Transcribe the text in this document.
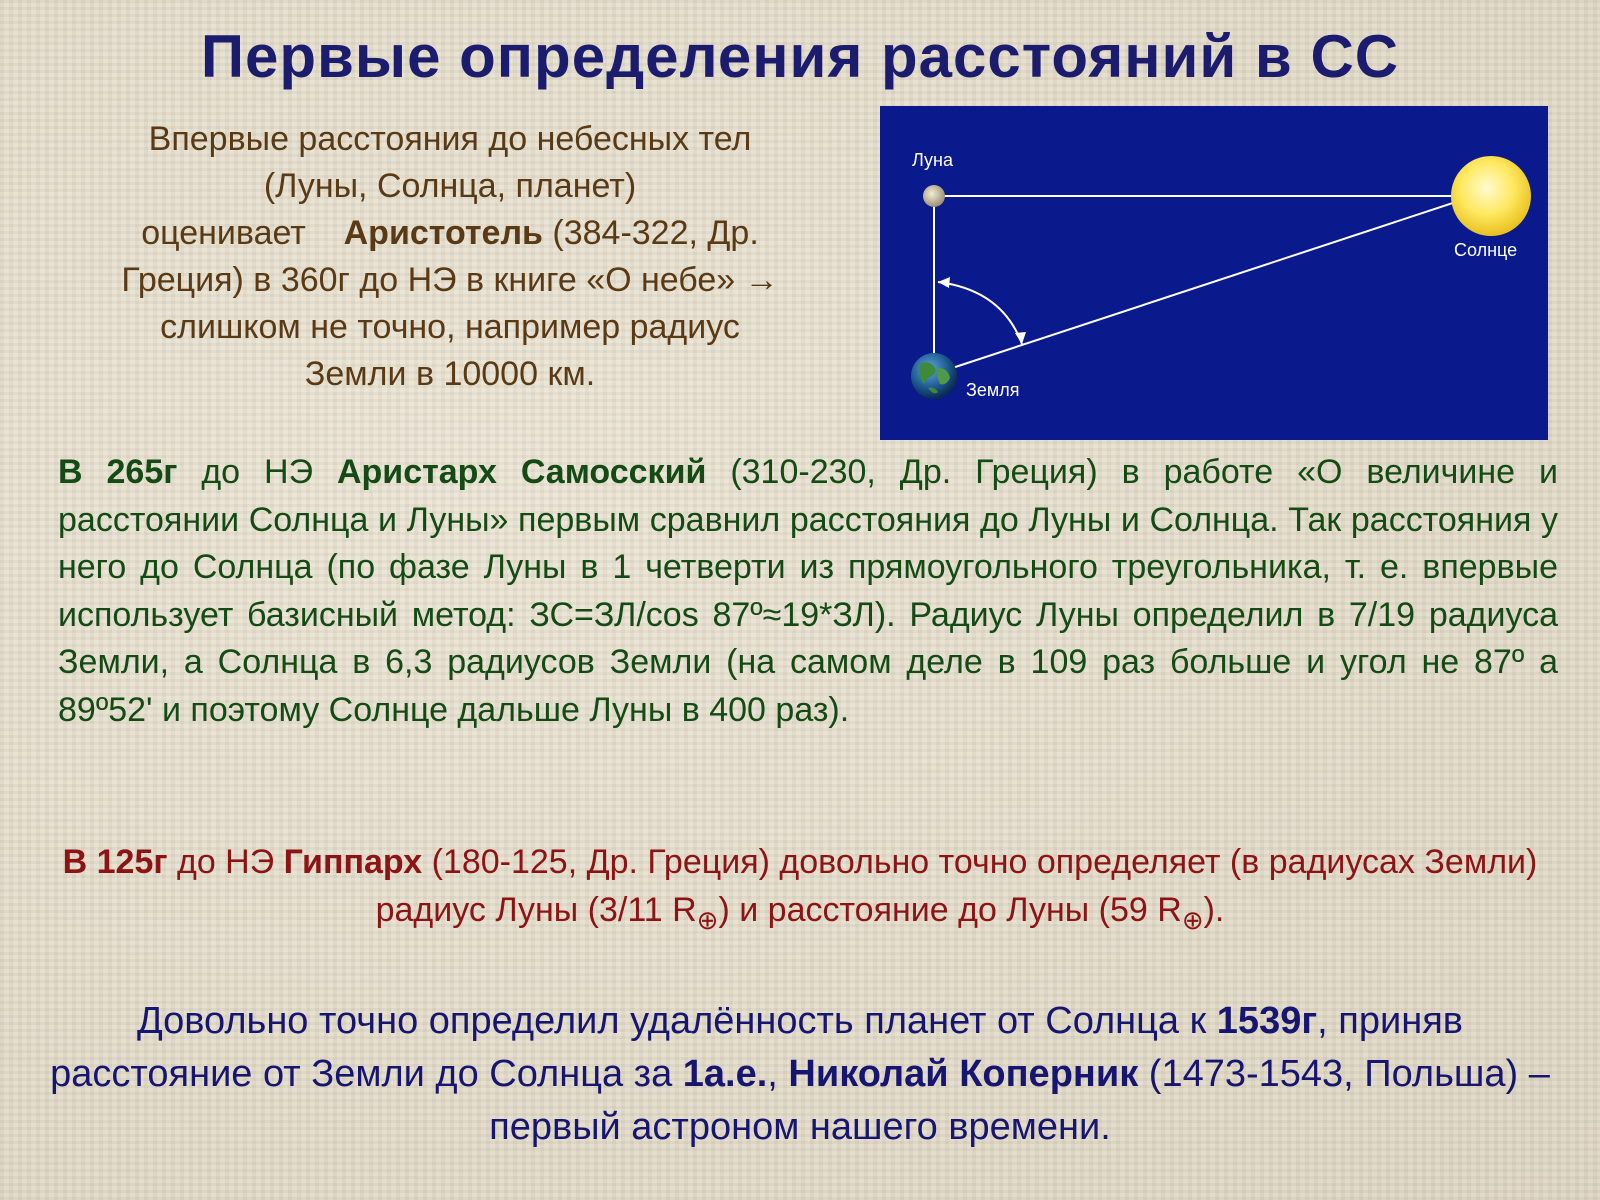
Первые определения расстояний в СС
Впервые расстояния до небесных тел
(Луны, Солнца, планет)
оценивает Аристотель (384-322, Др.
Греция) в 360г до НЭ в книге «О небе» →
слишком не точно, например радиус
Земли в 10000 км.
Луна
Солнце
Земля
В 265г до НЭ Аристарх Самосский (310-230, Др. Греция) в работе «О величине и расстоянии Солнца и Луны» первым сравнил расстояния до Луны и Солнца. Так расстояния у него до Солнца (по фазе Луны в 1 четверти из прямоугольного треугольника, т. е. впервые использует базисный метод: ЗС=ЗЛ/cos 87º≈19*ЗЛ). Радиус Луны определил в 7/19 радиуса Земли, а Солнца в 6,3 радиусов Земли (на самом деле в 109 раз больше и угол не 87º а 89º52' и поэтому Солнце дальше Луны в 400 раз).
В 125г до НЭ Гиппарх (180-125, Др. Греция) довольно точно определяет (в радиусах Земли) радиус Луны (3/11 $R_\oplus$) и расстояние до Луны (59 $R_\oplus$).
Довольно точно определил удалённость планет от Солнца к 1539г, приняв расстояние от Земли до Солнца за 1а.е., Николай Коперник (1473-1543, Польша) –первый астроном нашего времени.
